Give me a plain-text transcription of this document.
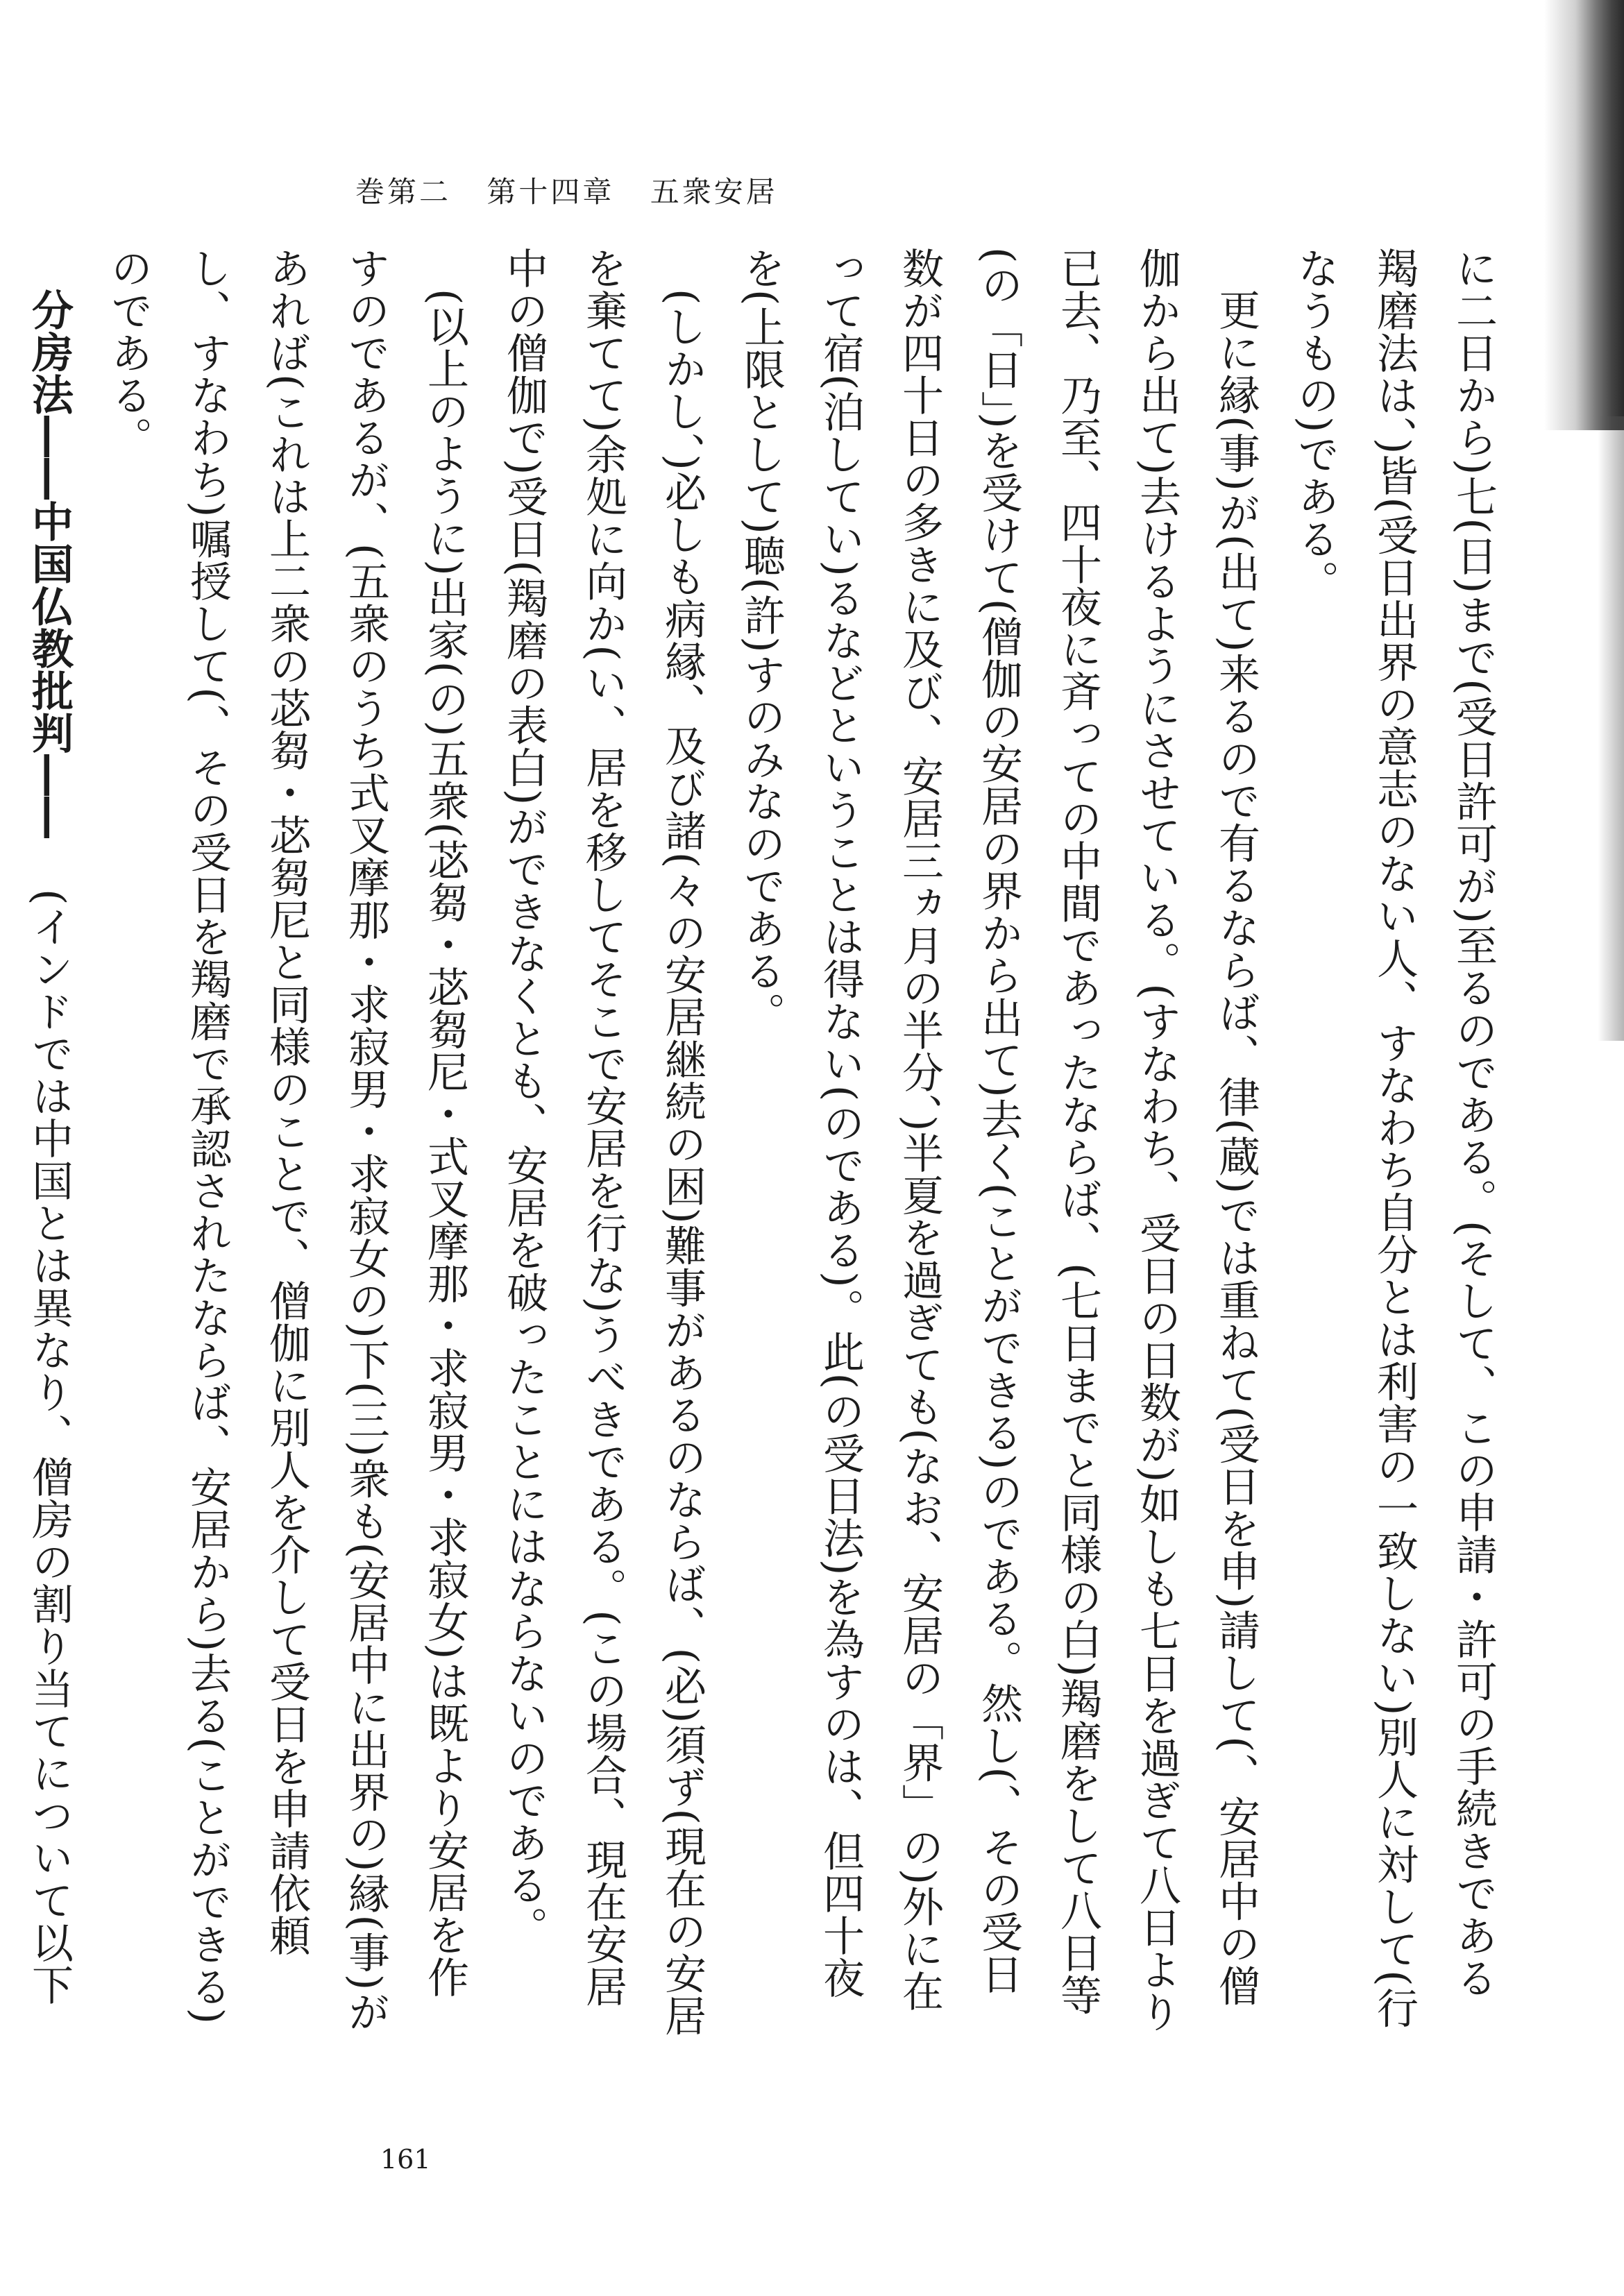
巻第二 第十四章 五衆安居

に二日から)七(日)まで(受日許可が)至るのである。(そして、この申請・許可の手続きである羯磨法は、)皆(受日出界の意志のない人、すなわち自分とは利害の一致しない)別人に対して(行なうもの)である。

更に縁(事)が(出て)来るので有るならば、律(蔵)では重ねて(受日を申)請して(、安居中の僧伽から出て)去けるようにさせている。(すなわち、受日の日数が)如しも七日を過ぎて八日より已去、乃至、四十夜に斉っての中間であったならば、(七日までと同様の白)羯磨をして八日等(の「日」)を受けて(僧伽の安居の界から出て)去く(ことができる)のである。然し(、その受日数が四十日の多きに及び、安居三ヵ月の半分、)半夏を過ぎても(なお、安居の「界」の)外に在って宿(泊してい)るなどということは得ない(のである)。此(の受日法)を為すのは、但四十夜を(上限として)聴(許)すのみなのである。

(しかし、)必しも病縁、及び諸(々の安居継続の困)難事があるのならば、(必)須ず(現在の安居を棄てて)余処に向か(い、居を移してそこで安居を行な)うべきである。(この場合、現在安居中の僧伽で)受日(羯磨の表白)ができなくとも、安居を破ったことにはならないのである。

(以上のように)出家(の)五衆(苾芻・苾芻尼・式叉摩那・求寂男・求寂女)は既より安居を作すのであるが、(五衆のうち式叉摩那・求寂男・求寂女の)下(三)衆も(安居中に出界の)縁(事)があれば(これは上二衆の苾芻・苾芻尼と同様のことで、僧伽に別人を介して受日を申請依頼し、すなわち)嘱授して(、その受日を羯磨で承認されたならば、安居から)去る(ことができる)のである。

分房法――中国仏教批判――(インドでは中国とは異なり、僧房の割り当てについて以下

161
